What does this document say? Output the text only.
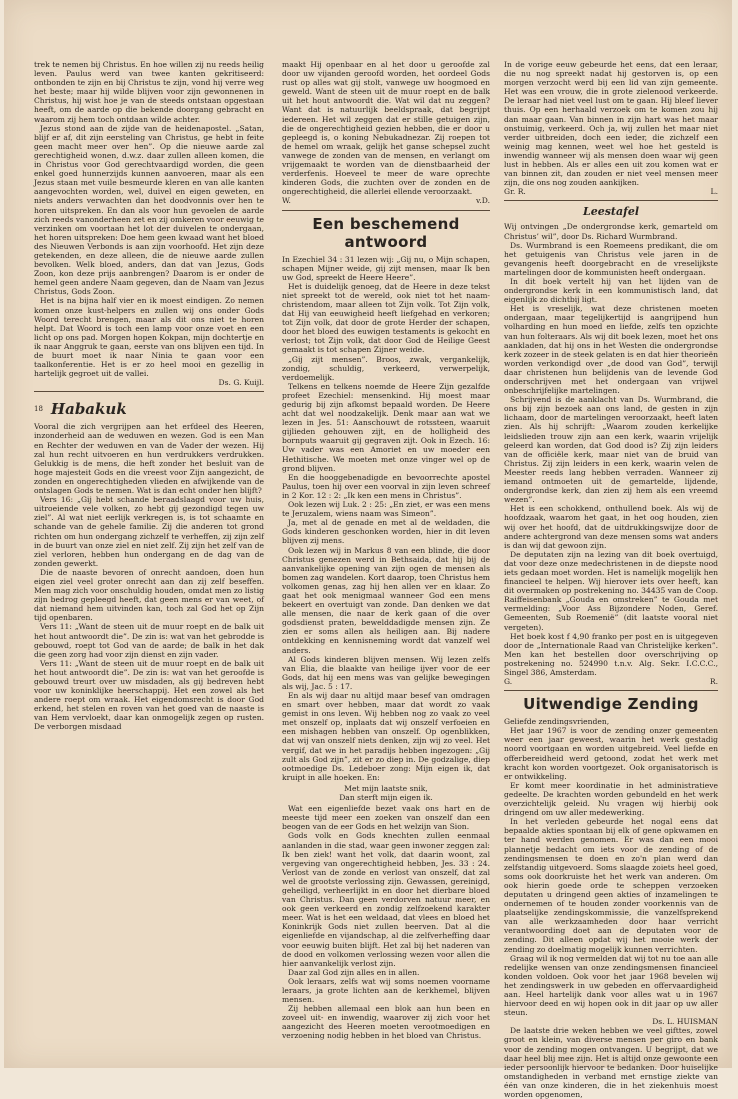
trek te nemen bij Christus. En hoe willen zij nu reeds heilig leven. Paulus werd van twee kanten gekritiseerd: ontbonden te zijn en bij Christus te zijn, vond hij verre weg het beste; maar hij wilde blijven voor zijn gewonnenen in Christus, hij wist hoe je van de steeds ontstaan opgestaan heeft, om de aarde op die bekende doorgang gebracht en waarom zij hem toch ontdaan wilde achter.

Jezus stond aan de zijde van de heidenapostel. „Satan, blijf er af, dit zijn eersteling van Christus, ge hebt in feite geen macht meer over hen”. Op die nieuwe aarde zal gerechtigheid wonen, d.w.z. daar zullen alleen komen, die in Christus voor God gerechtvaardigd worden, die geen enkel goed hunnerzijds kunnen aanvoeren, maar als een Jezus staan met vuile besmeurde kleren en van alle kanten aangevochten worden, wel, duivel en eigen geweten, en niets anders verwachten dan het doodvonnis over hen te horen uitspreken. En dan als voor hun gevoelen de aarde zich reeds vanonderheen zet en zij omkeren voor eeuwig te verzinken om voortaan het lot der duivelen te ondergaan, het horen uitspreken: Doe hem geen kwaad want het bloed des Nieuwen Verbonds is aan zijn voorhoofd. Het zijn deze getekenden, en deze alleen, die de nieuwe aarde zullen bevolken. Welk bloed, anders, dan dat van Jezus, Gods Zoon, kon deze prijs aanbrengen? Daarom is er onder de hemel geen andere Naam gegeven, dan de Naam van Jezus Christus, Gods Zoon.

Het is na bijna half vier en ik moest eindigen. Zo nemen komen onze kust-helpers en zullen wij ons onder Gods Woord terecht brengen, maar als dit ons niet te horen helpt. Dat Woord is toch een lamp voor onze voet en een licht op ons pad. Morgen hopen Kokpan, mijn dochtertje en ik naar Anggruk te gaan, eerste van ons blijven een tijd. In de buurt moet ik naar Ninia te gaan voor een taalkonferentie. Het is er zo heel mooi en gezellig in hartelijk gegroet uit de vallei.

Ds. G. Kuijl.
18 Habakuk

Vooral die zich vergrijpen aan het erfdeel des Heeren, inzonderheid aan de weduwen en wezen. God is een Man en Rechter der weduwen en van de Vader der wezen. Hij zal hun recht uitvoeren en hun verdrukkers verdrukken. Gelukkig is de mens, die heft zonder het besluit van de hoge majesteit Gods en die vreest voor Zijn aangezicht, de zonden en ongerechtigheden vlieden en afwijkende van de ontslagen Gods te nemen. Wat is dan echt onder hen blijft?

Vers 16: „Gij hebt schande beraadslaagd voor uw huis, uitroeiende vele volken, zo hebt gij gezondigd tegen uw ziel”. Al wat niet eerlijk verkregen is, is tot schaamte en schande van de gehele familie. Zij die anderen tot grond richten om hun ondergang zichzelf te verheffen, zij zijn zelf in de buurt van onze ziel en niet zelf. Zij zijn het zelf van de ziel verloren, hebben hun ondergang en de dag van de zonden gewerkt.

Die de naaste bevoren of onrecht aandoen, doen hun eigen ziel veel groter onrecht aan dan zij zelf beseffen. Men mag zich voor onschuldig houden, omdat men zo listig zijn bedrog gepleegd heeft, dat geen mens er van weet, of dat niemand hem uitvinden kan, toch zal God het op Zijn tijd openbaren.

Vers 11: „Want de steen uit de muur roept en de balk uit het hout antwoordt die”. De zin is: wat van het gebrodde is gebouwd, roept tot God van de aarde; de balk in het dak die geen zorg had voor zijn dienst en zijn vader.

Vers 11: „Want de steen uit de muur roept en de balk uit het hout antwoordt die”. De zin is: wat van het geroofde is gebouwd treurt over uw misdaden, als gij bedreven hebt voor uw koninklijke heerschappij. Het een zowel als het andere roept om wraak. Het eigendomsrecht is door God erkend, het stelen en roven van het goed van de naaste is van Hem vervloekt, daar kan onmogelijk zegen op rusten. De verborgen misdaad

maakt Hij openbaar en al het door u geroofde zal door uw vijanden geroofd worden, het oordeel Gods rust op alles wat gij stolt, vanwege uw hoogmoed en geweld. Want de steen uit de muur roept en de balk uit het hout antwoordt die. Wat wil dat nu zeggen? Want dat is natuurlijk beeldspraak, dat begrijpt iedereen. Het wil zeggen dat er stille getuigen zijn, die de ongerechtigheid gezien hebben, die er door u gepleegd is, o koning Nebukadnezar. Zij roepen tot de hemel om wraak, gelijk het ganse schepsel zucht vanwege de zonden van de mensen, en verlangt om vrijgemaakt te worden van de dienstbaarheid der verderfenis. Hoeveel te meer de ware oprechte kinderen Gods, die zuchten over de zonden en de ongerechtigheid, die allerlei ellende veroorzaakt.

W.	v.D.
Een beschemend antwoord

In Ezechiel 34 : 31 lezen wij: „Gij nu, o Mijn schapen, schapen Mijner weide, gij zijt mensen, maar Ik ben uw God, spreekt de Heere Heere”.

Het is duidelijk genoeg, dat de Heere in deze tekst niet spreekt tot de wereld, ook niet tot het naam-christendom, maar alleen tot Zijn volk. Tot Zijn volk, dat Hij van eeuwigheid heeft liefgehad en verkoren; tot Zijn volk, dat door de grote Herder der schapen, door het bloed des euwigen testaments is gekocht en verlost; tot Zijn volk, dat door God de Heilige Geest gemaakt is tot schapen Zijner weide.

„Gij zijt mensen”. Broos, zwak, vergankelijk, zondig, schuldig, verkeerd, verwerpelijk, verdoemelijk.

Telkens en telkens noemde de Heere Zijn gezalfde profeet Ezechiel: mensenkind. Hij moest maar gedurig bij zijn afkomst bepaald worden. De Heere acht dat wel noodzakelijk. Denk maar aan wat we lezen in Jes. 51: Aanschouwt de rotssteen, waaruit gijlieden gehouwen zijt, en de holligheid des bornputs waaruit gij gegraven zijt. Ook in Ezech. 16: Uw vader was een Amoriet en uw moeder een Hethitische. We moeten met onze vinger wel op de grond blijven.

En die hooggebenadigde en bevoorrechte apostel Paulus, toen hij over een voorval in zijn leven schreef in 2 Kor. 12 : 2: „Ik ken een mens in Christus”.

Ook lezen wij Luk. 2 : 25: „En ziet, er was een mens te Jeruzalem, wiens naam was Simeon”.

Ja, met al de genade en met al de weldaden, die Gods kinderen geschonken worden, hier in dit leven blijven zij mens.

Ook lezen wij in Markus 8 van een blinde, die door Christus genezen werd in Bethsaida, dat hij bij de aanvankelijke opening van zijn ogen de mensen als bomen zag wandelen. Kort daarop, toen Christus hem volkomen genas, zag hij hen allen ver en klaar. Zo gaat het ook menigmaal wanneer God een mens bekeert en overtuigt van zonde. Dan denken we dat alle mensen, die naar de kerk gaan of die over godsdienst praten, bewelddadigde mensen zijn. Ze zien er soms allen als heiligen aan. Bij nadere ontdekking en kennisneming wordt dat vanzelf wel anders.

Al Gods kinderen blijven mensen. Wij lezen zelfs van Elia, die blaakte van heilige ijver voor de eer Gods, dat hij een mens was van gelijke bewegingen als wij, Jac. 5 : 17.

En als wij daar nu altijd maar besef van omdragen en smart over hebben, maar dat wordt zo vaak gemist in ons leven. Wij hebben nog zo vaak zo veel met onszelf op, inplaats dat wij onszelf verfoeien en een mishagen hebben van onszelf. Op ogenblikken, dat wij van onszelf niets denken, zijn wij zo veel. Het vergif, dat we in het paradijs hebben ingezogen: „Gij zult als God zijn”, zit er zo diep in. De godzalige, diep ootmoedige Ds. Ledeboer zong: Mijn eigen ik, dat kruipt in alle hoeken. En:

Met mijn laatste snik,
Dan sterft mijn eigen ik.

Wat een eigenliefde bezet vaak ons hart en de meeste tijd meer een zoeken van onszelf dan een beogen van de eer Gods en het welzijn van Sion.

Gods volk en Gods knechten zullen eenmaal aanlanden in die stad, waar geen inwoner zeggen zal: Ik ben ziek! want het volk, dat daarin woont, zal vergeving van ongerechtigheid hebben, Jes. 33 : 24. Verlost van de zonde en verlost van onszelf, dat zal wel de grootste verlossing zijn. Gewassen, gereinigd, geheiligd, verheerlijkt in en door het dierbare bloed van Christus. Dan geen verdorven natuur meer, en ook geen verkeerd en zondig zelfzoekend karakter meer. Wat is het een weldaad, dat vlees en bloed het Koninkrijk Gods niet zullen beerven. Dat al die eigenliefde en vijandschap, al die zelfverheffing daar voor eeuwig buiten blijft. Het zal bij het naderen van de dood en volkomen verlossing wezen voor allen die hier aanvankelijk verlost zijn.

Daar zal God zijn alles en in allen.

Ook leraars, zelfs wat wij soms noemen voorname leraars, ja grote lichten aan de kerkhemel, blijven mensen.

Zij hebben allemaal een blok aan hun been en zoveel uit- en inwendig, waarover zij zich voor het aangezicht des Heeren moeten verootmoedigen en verzoening nodig hebben in het bloed van Christus.

In de vorige eeuw gebeurde het eens, dat een leraar, die nu nog spreekt nadat hij gestorven is, op een morgen verzocht werd bij een lid van zijn gemeente. Het was een vrouw, die in grote zielenood verkeerde. De leraar had niet veel lust om te gaan. Hij bleef liever thuis. Op een herhaald verzoek om te komen zou hij dan maar gaan. Van binnen in zijn hart was het maar onstuimig, verkeerd. Och ja, wij zullen het maar niet verder uitbreiden, doch een ieder, die zichzelf een weinig mag kennen, weet wel hoe het gesteld is inwendig wanneer wij als mensen doen waar wij geen lust in hebben. Als er alles een uit zou komen wat er van binnen zit, dan zouden er niet veel mensen meer zijn, die ons nog zouden aankijken.

Gr. R.	L.
Leestafel

Wij ontvingen „De ondergrondse kerk, gemarteld om Christus’ wil”, door Ds. Richard Wurmbrand.

Ds. Wurmbrand is een Roemeens predikant, die om het getuigenis van Christus vele jaren in de gevangenis heeft doorgebracht en de vreselijkste martelingen door de kommunisten heeft ondergaan.

In dit boek vertelt hij van het lijden van de ondergrondse kerk in een kommunistisch land, dat eigenlijk zo dichtbij ligt.

Het is vreselijk, wat deze christenen moeten ondergaan, maar tegelijkertijd is aangrijpend hun volharding en hun moed en liefde, zelfs ten opzichte van hun folteraars. Als wij dit boek lezen, moet het ons aankladen, dat hij ons in het Westen die ondergrondse kerk zozeer in de steek gelaten is en dat hier theorieën worden verkondigd over „de dood van God”, terwijl daar christenen hun belijdenis van de levende God onderschrijven met het ondergaan van vrijwel onbeschrijfelijke martelingen.

Schrijvend is de aanklacht van Ds. Wurmbrand, die ons bij zijn bezoek aan ons land, de gesten in zijn lichaam, door de martelingen veroorzaakt, heeft laten zien. Als hij schrijft: „Waarom zouden kerkelijke leidslieden trouw zijn aan een kerk, waarin vrijelijk geleerd kan worden, dat God dood is? Zij zijn leiders van de officiële kerk, maar niet van de bruid van Christus. Zij zijn leiders in een kerk, waarin velen de Meester reeds lang hebben verraden. Wanneer zij iemand ontmoeten uit de gemartelde, lijdende, ondergrondse kerk, dan zien zij hem als een vreemd wezen”.

Het is een schokkend, onthullend boek. Als wij de hoofdzaak, waarom het gaat, in het oog houden, zien wij over het hoofd, dat de uitdrukkingswijze door de andere achtergrond van deze mensen soms wat anders is dan wij dat gewoon zijn.

De deputaten zijn na lezing van dit boek overtuigd, dat voor deze onze medechristenen in de diepste nood iets gedaan moet worden. Het is namelijk mogelijk hen financieel te helpen. Wij hierover iets over heeft, kan dit overmaken op postrekening no. 34435 van de Coop. Raiffeisenbank „Gouda en omstreken” te Gouda met vermelding: „Voor Ass Bijzondere Noden, Geref. Gemeenten, Sub Roemenië” (dit laatste vooral niet vergeten).

Het boek kost f 4,90 franko per post en is uitgegeven door de „Internationale Raad van Christelijke kerken”. Men kan het bestellen door overschrijving op postrekening no. 524990 t.n.v. Alg. Sekr. I.C.C.C., Singel 386, Amsterdam.

G.	R.
Uitwendige Zending

Geliefde zendingsvrienden,

Het jaar 1967 is voor de zending onzer gemeenten weer een jaar geweest, waarin het werk gestadig noord voortgaan en worden uitgebreid. Veel liefde en offerbereidheid werd getoond, zodat het werk met kracht kon worden voortgezet. Ook organisatorisch is er ontwikkeling.

Er komt meer koordinatie in het administratieve gedeelte. De krachten worden gebundeld en het werk overzichtelijk geleid. Nu vragen wij hierbij ook dringend om uw aller medewerking.

In het verleden gebeurde het nogal eens dat bepaalde akties spontaan bij elk of gene opkwamen en ter hand werden genomen. Er was dan een mooi plannetje bedacht om iets voor de zending of de zendingsmensen te doen en zo'n plan werd dan zelfstandig uitgevoerd. Soms slaagde zoiets heel goed, soms ook doorkruiste het het werk van anderen. Om ook hierin goede orde te scheppen verzoeken deputaten u dringend geen akties of inzamelingen te ondernemen of te houden zonder voorkennis van de plaatselijke zendingskommissie, die vanzelfsprekend van alle werkzaamheden door haar verricht verantwoording doet aan de deputaten voor de zending. Dit alleen opdat wij het mooie werk der zending zo doelmatig mogelijk kunnen verrichten.

Graag wil ik nog vermelden dat wij tot nu toe aan alle redelijke wensen van onze zendingsmensen financieel konden voldoen. Ook voor het jaar 1968 bevelen wij het zendingswerk in uw gebeden en offervaardigheid aan. Heel hartelijk dank voor alles wat u in 1967 hiervoor deed en wij hopen ook in dit jaar op uw aller steun.

Ds. L. HUISMAN

De laatste drie weken hebben we veel gifttes, zowel groot en klein, van diverse mensen per giro en bank voor de zending mogen ontvangen. U begrijpt, dat we daar heel blij mee zijn. Het is altijd onze gewoonte een ieder persoonlijk hiervoor te bedanken. Door huiselijke omstandigheden in verband met ernstige ziekte van één van onze kinderen, die in het ziekenhuis moest worden opgenomen,
